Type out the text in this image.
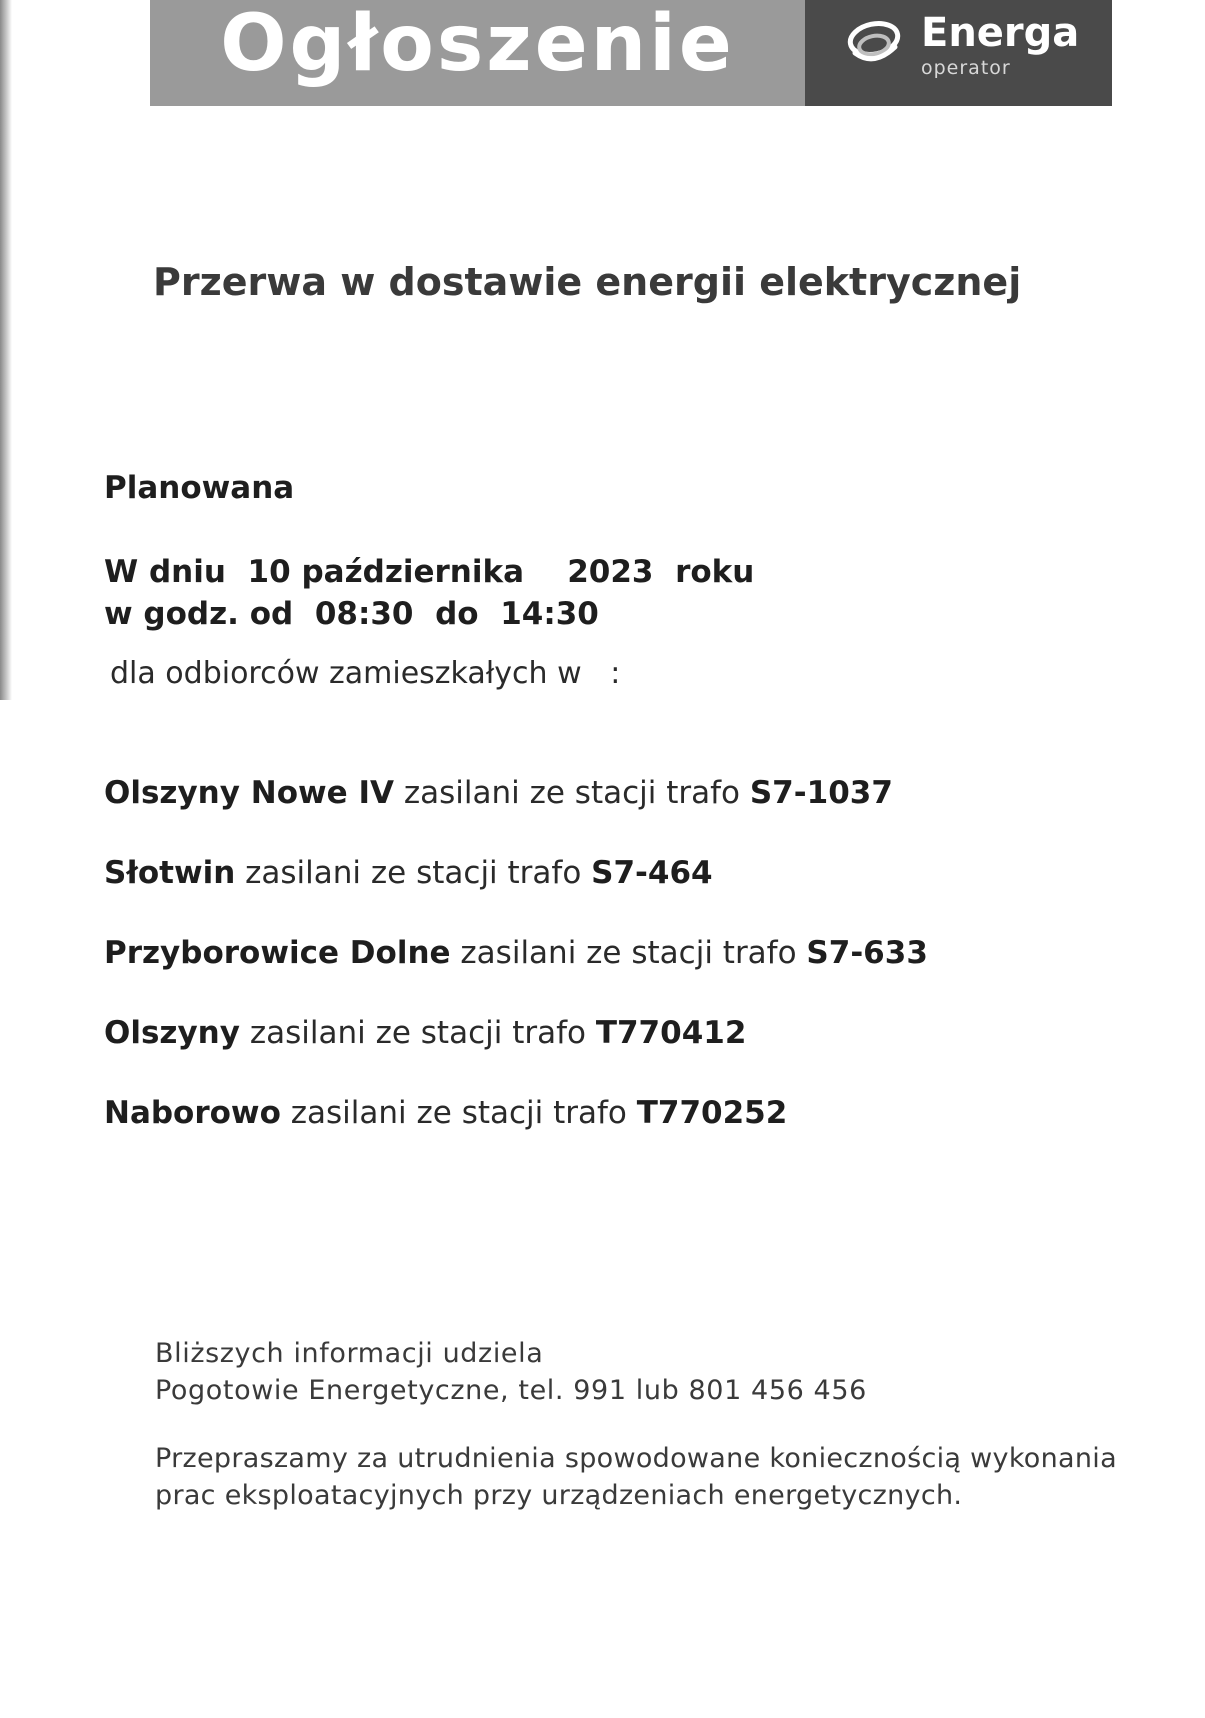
Ogłoszenie	Energa
operator
Przerwa w dostawie energii elektrycznej
Planowana
W dniu 10 października 2023 roku
w godz. od 08:30 do 14:30
dla odbiorców zamieszkałych w   :
Olszyny Nowe IV zasilani ze stacji trafo S7-1037
Słotwin zasilani ze stacji trafo S7-464
Przyborowice Dolne zasilani ze stacji trafo S7-633
Olszyny zasilani ze stacji trafo T770412
Naborowo zasilani ze stacji trafo T770252
Bliższych informacji udziela
Pogotowie Energetyczne, tel. 991 lub 801 456 456
Przepraszamy za utrudnienia spowodowane koniecznością wykonania
prac eksploatacyjnych przy urządzeniach energetycznych.
